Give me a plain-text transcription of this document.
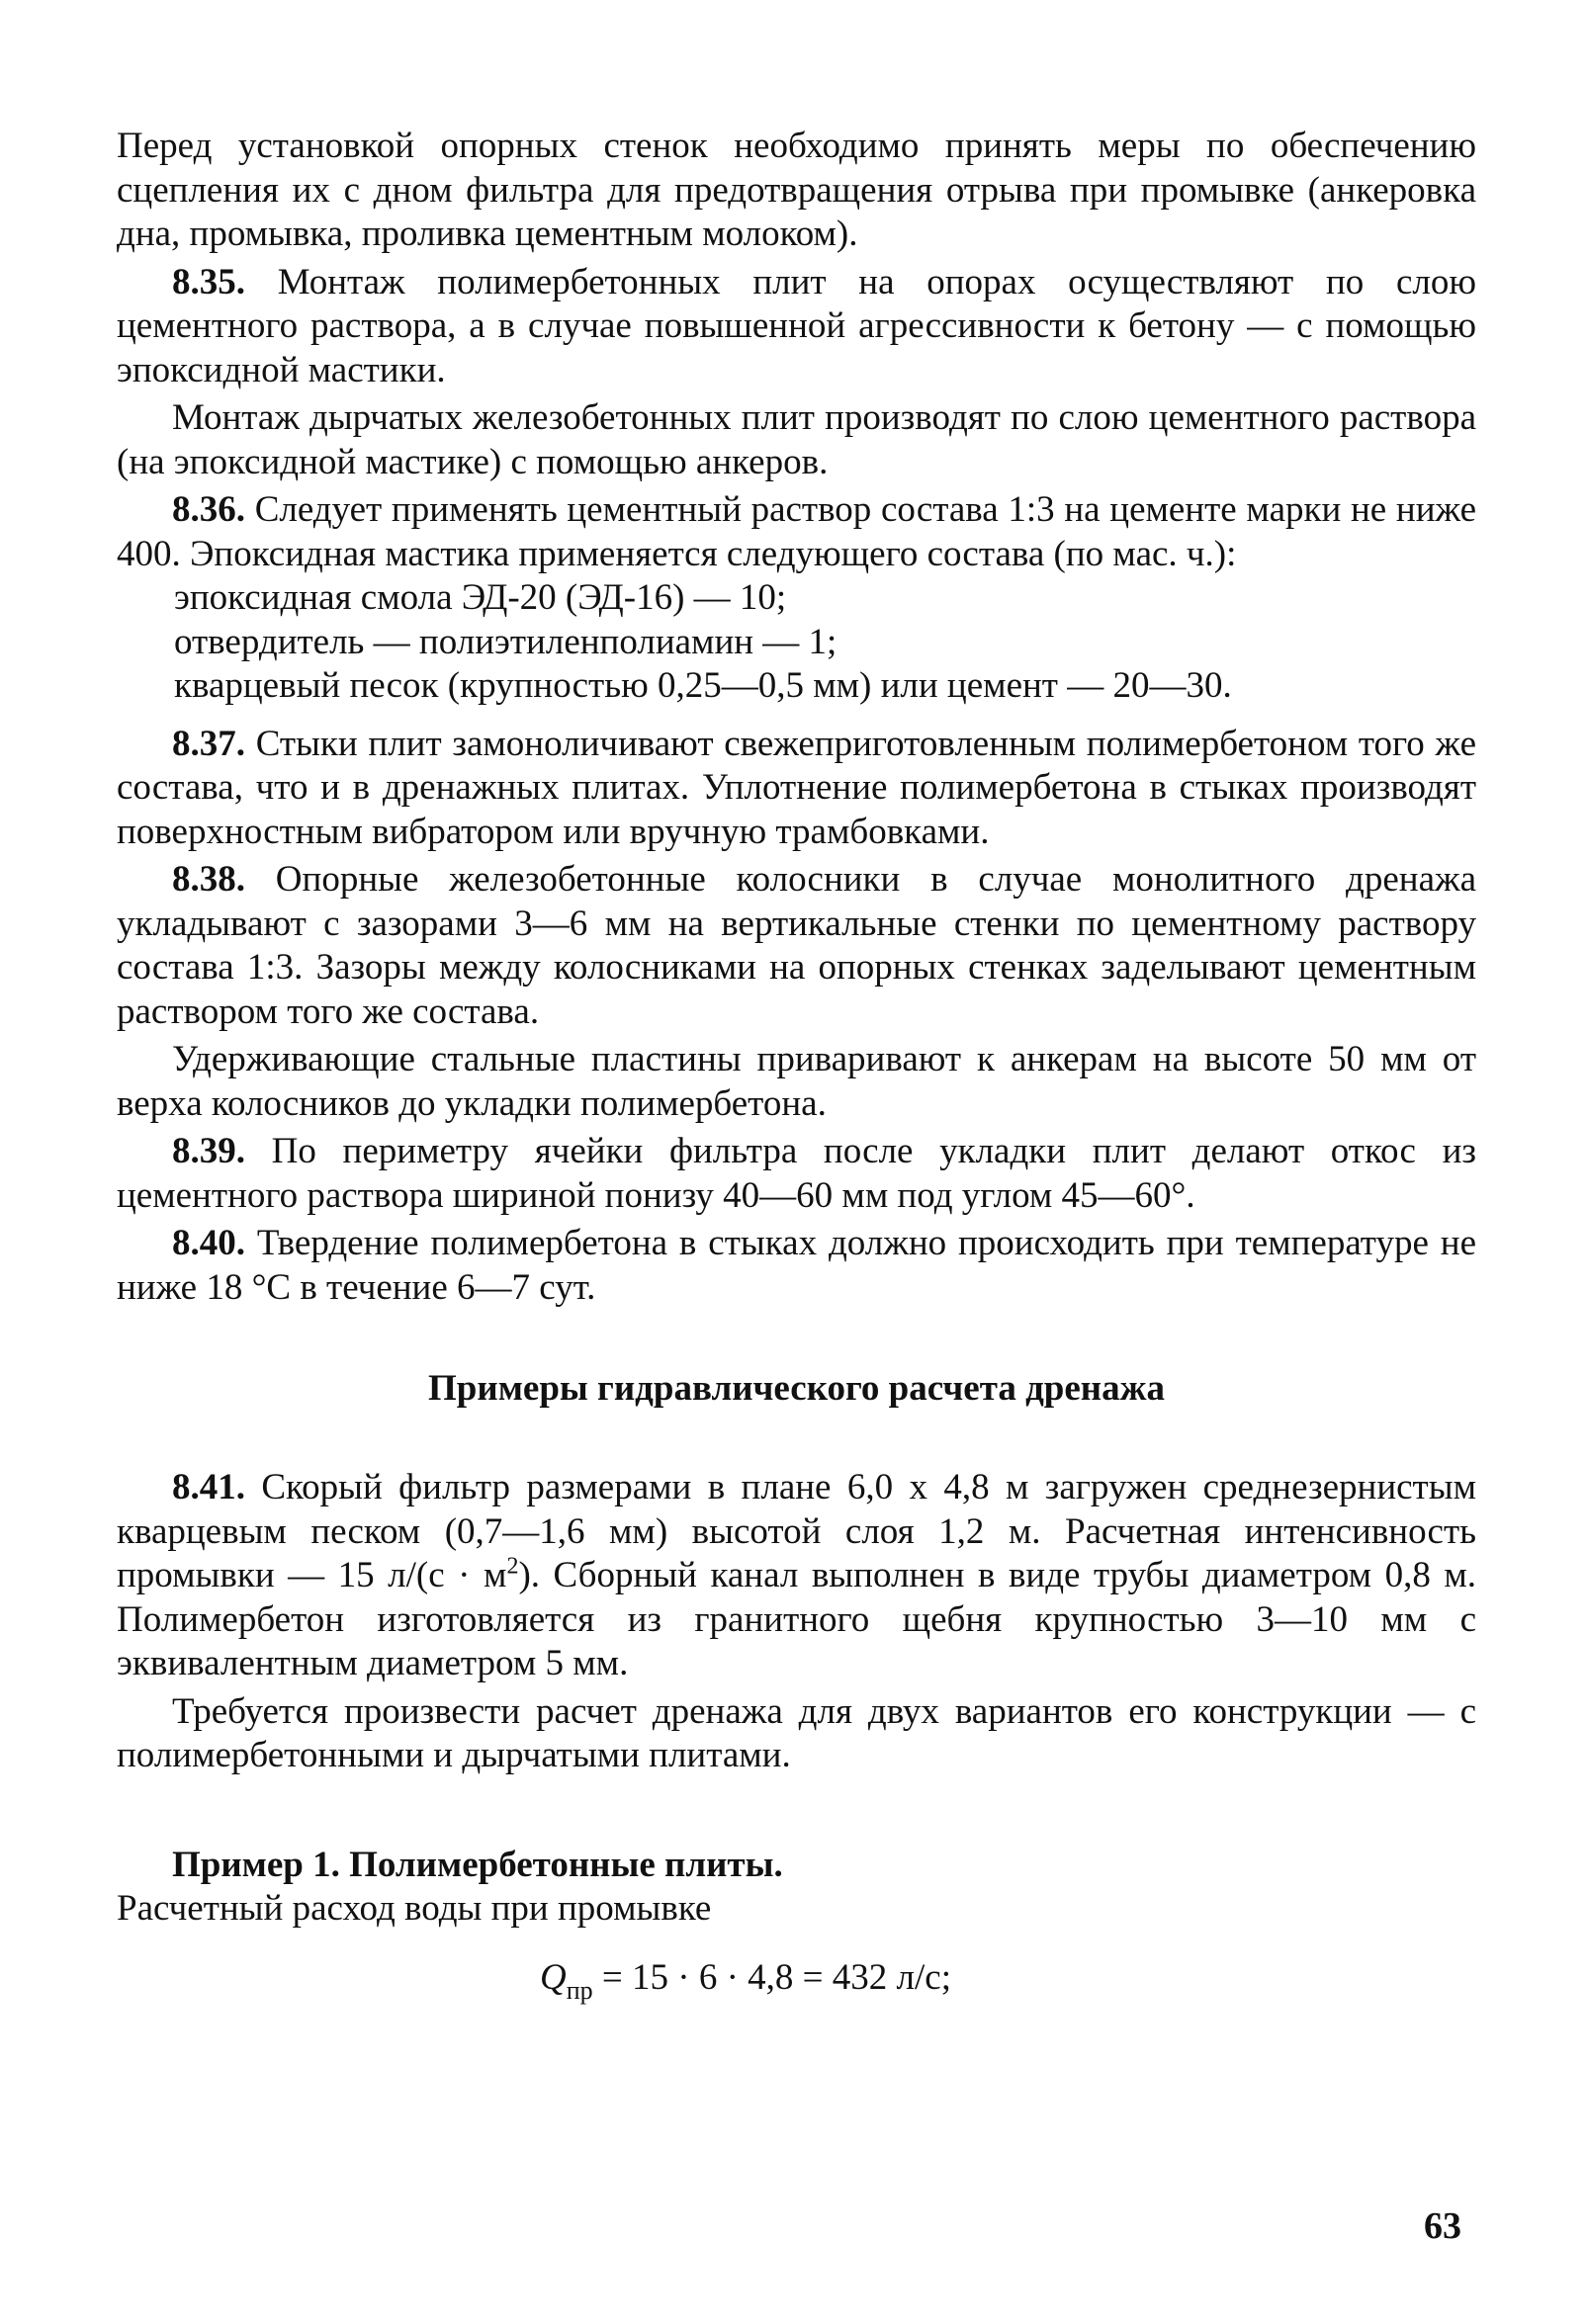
Перед установкой опорных стенок необходимо принять меры по обеспечению сцепления их с дном фильтра для предотвращения отрыва при промывке (анкеровка дна, промывка, проливка цементным молоком).

8.35. Монтаж полимербетонных плит на опорах осуществляют по слою цементного раствора, а в случае повышенной агрессивности к бетону — с помощью эпоксидной мастики.

Монтаж дырчатых железобетонных плит производят по слою цементного раствора (на эпоксидной мастике) с помощью анкеров.

8.36. Следует применять цементный раствор состава 1:3 на цементе марки не ниже 400. Эпоксидная мастика применяется следующего состава (по мас. ч.):

эпоксидная смола ЭД-20 (ЭД-16) — 10;
отвердитель — полиэтиленполиамин — 1;
кварцевый песок (крупностью 0,25—0,5 мм) или цемент — 20—30.

8.37. Стыки плит замоноличивают свежеприготовленным полимербетоном того же состава, что и в дренажных плитах. Уплотнение полимербетона в стыках производят поверхностным вибратором или вручную трамбовками.

8.38. Опорные железобетонные колосники в случае монолитного дренажа укладывают с зазорами 3—6 мм на вертикальные стенки по цементному раствору состава 1:3. Зазоры между колосниками на опорных стенках заделывают цементным раствором того же состава.

Удерживающие стальные пластины приваривают к анкерам на высоте 50 мм от верха колосников до укладки полимербетона.

8.39. По периметру ячейки фильтра после укладки плит делают откос из цементного раствора шириной понизу 40—60 мм под углом 45—60°.

8.40. Твердение полимербетона в стыках должно происходить при температуре не ниже 18 °С в течение 6—7 сут.

Примеры гидравлического расчета дренажа

8.41. Скорый фильтр размерами в плане 6,0 х 4,8 м загружен среднезернистым кварцевым песком (0,7—1,6 мм) высотой слоя 1,2 м. Расчетная интенсивность промывки — 15 $л/(с \cdot м^2)$. Сборный канал выполнен в виде трубы диаметром 0,8 м. Полимербетон изготовляется из гранитного щебня крупностью 3—10 мм с эквивалентным диаметром 5 мм.

Требуется произвести расчет дренажа для двух вариантов его конструкции — с полимербетонными и дырчатыми плитами.

Пример 1. Полимербетонные плиты.

Расчетный расход воды при промывке

$Q_{пр} = 15 \cdot 6 \cdot 4,8 = 432$ л/с;
63
